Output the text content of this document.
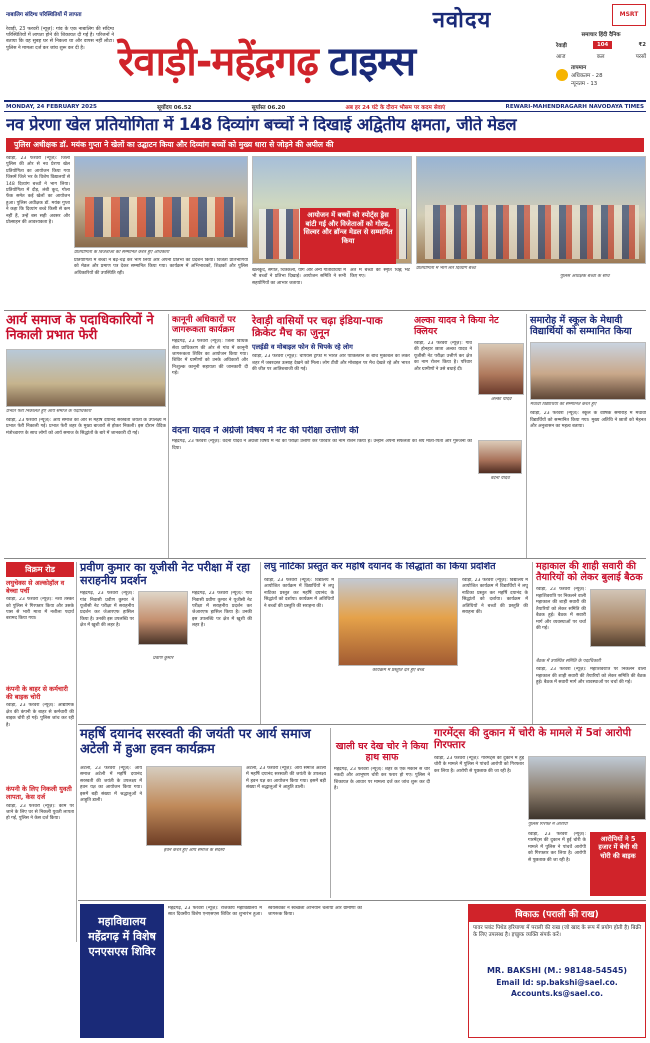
नाबालिग संदिग्ध परिस्थितियों में लापता

रेवाड़ी, 23 फरवरी (न्यूज़): गांव के एक नाबालिग की संदिग्ध परिस्थितियों में लापता होने की शिकायत दी गई है। परिजनों ने बताया कि वह सुबह घर से निकला था और वापस नहीं लौटा। पुलिस ने मामला दर्ज कर जांच शुरू कर दी है।

नवोदय
रेवाड़ी-महेंद्रगढ़ टाइम्स
समाचार हिंदी दैनिक
रेवाड़ी	104	₹2
आज	कल	परसों
तापमान
अधिकतम - 28
न्यूनतम - 13
MSRT
MONDAY, 24 FEBRUARY 2025	सूर्योदय 06.52	सूर्यास्त 06.20	अब हर 24 घंटे के दौरान भौसम पर कदम सेवाएं	REWARI-MAHENDRAGARH NAVODAYA TIMES
नव प्रेरणा खेल प्रतियोगिता में 148 दिव्यांग बच्चों ने दिखाई अद्वितीय क्षमता, जीते मेडल
पुलिस अधीक्षक डॉ. मयंक गुप्ता ने खेलों का उद्घाटन किया और दिव्यांग बच्चों को मुख्य धारा से जोड़ने की अपील की
रेवाड़ी, 23 फरवरी (न्यूज़): जिला पुलिस की ओर से नव प्रेरणा खेल प्रतियोगिता का आयोजन किया गया जिसमें जिले भर के विशेष विद्यालयों से 148 दिव्यांग बच्चों ने भाग लिया। प्रतियोगिता में दौड़, लंबी कूद, गोला फेंक समेत कई खेलों का आयोजन हुआ। पुलिस अधीक्षक डॉ. मयंक गुप्ता ने कहा कि दिव्यांग बच्चे किसी से कम नहीं हैं, उन्हें बस सही अवसर और प्रोत्साहन की आवश्यकता है।
प्रतियोगिता के विजेताओं को सम्मानित करते हुए अधिकारी
प्रतियोगिता में बच्चों ने बढ़-चढ़ कर भाग लिया और अपनी प्रतिभा का प्रदर्शन किया। विजेता प्रतिभागियों को मेडल और प्रमाण पत्र देकर सम्मानित किया गया। कार्यक्रम में अभिभावकों, शिक्षकों और पुलिस अधिकारियों की उपस्थिति रही।
आयोजन में बच्चों को स्पोर्ट्स ड्रेस बांटी गई और विजेताओं को गोल्ड, सिल्वर और ब्रॉन्ज मेडल से सम्मानित किया
खेलकूद, संगीत, चित्रकला, योग और अन्य गतिविधियों में भी बच्चों ने प्रतिभा दिखाई। आयोजन समिति ने सभी सहयोगियों का आभार जताया।
प्रतियोगिता में भाग लेते दिव्यांग बच्चे
अंत में बच्चों को स्मृति चिह्न भेंट किए गए।	पुलिस अधीक्षक बच्चों के साथ
आर्य समाज के पदाधिकारियों ने निकाली प्रभात फेरी
प्रभात फेरी निकालते हुए आर्य समाज के पदाधिकारी
रेवाड़ी, 23 फरवरी (न्यूज़): आर्य समाज की ओर से महर्षि दयानंद सरस्वती जयंती के उपलक्ष्य में प्रभात फेरी निकाली गई। प्रभात फेरी शहर के मुख्य बाजारों से होकर निकली। इस दौरान वैदिक मंत्रोच्चारण के साथ लोगों को आर्य समाज के सिद्धांतों के बारे में जानकारी दी गई।
कानूनी अधिकारों पर जागरूकता कार्यक्रम
महेंद्रगढ़, 23 फरवरी (न्यूज़): जिला विधिक सेवा प्राधिकरण की ओर से गांव में कानूनी जागरूकता शिविर का आयोजन किया गया। शिविर में ग्रामीणों को उनके अधिकारों और निःशुल्क कानूनी सहायता की जानकारी दी गई।
रेवाड़ी वासियों पर चढ़ा इंडिया-पाक क्रिकेट मैच का जुनून
एलईडी व मोबाइल फोन से चिपके रहे लोग
रेवाड़ी, 23 फरवरी (न्यूज़): चैंपियंस ट्रॉफी में भारत और पाकिस्तान के बीच मुकाबले को लेकर शहर में जबरदस्त उत्साह देखने को मिला। लोग टीवी और मोबाइल पर मैच देखते रहे और भारत की जीत पर आतिशबाजी की गई।
अल्का यादव ने किया नेट क्लियर
रेवाड़ी, 23 फरवरी (न्यूज़): गांव की होनहार छात्रा अल्का यादव ने यूजीसी नेट परीक्षा उत्तीर्ण कर क्षेत्र का नाम रोशन किया है। परिवार और ग्रामीणों ने उसे बधाई दी।
अल्का यादव
समारोह में स्कूल के मेधावी विद्यार्थियों को सम्मानित किया
मेधावी विद्यार्थियों को सम्मानित करते हुए
रेवाड़ी, 23 फरवरी (न्यूज़): स्कूल के वार्षिक समारोह में मेधावी विद्यार्थियों को सम्मानित किया गया। मुख्य अतिथि ने छात्रों को मेहनत और अनुशासन का महत्व बताया।
वंदना यादव ने अंग्रेजी विषय में नेट की परीक्षा उत्तीर्ण की
महेंद्रगढ़, 23 फरवरी (न्यूज़): वंदना यादव ने अंग्रेजी विषय में नेट की परीक्षा उत्तीर्ण कर परिवार का नाम रोशन किया है। उन्होंने अपनी सफलता का श्रेय माता-पिता और गुरुजनों को दिया।
वंदना यादव
विक्रम रोड
लघुचेक्स से अल्कोहॉल व बेच्चा पर्ची
रेवाड़ी, 23 फरवरी (न्यूज़): नशा तस्कर को पुलिस ने गिरफ्तार किया और उसके पास से भारी मात्रा में नशीला पदार्थ बरामद किया गया।
कंपनी के बाहर से कर्मचारी की बाइक चोरी
रेवाड़ी, 23 फरवरी (न्यूज़): औद्योगिक क्षेत्र की कंपनी के बाहर से कर्मचारी की बाइक चोरी हो गई। पुलिस जांच कर रही है।
कंपनी के लिए निकली युवती लापता, केस दर्ज
रेवाड़ी, 23 फरवरी (न्यूज़): काम पर जाने के लिए घर से निकली युवती लापता हो गई, पुलिस ने केस दर्ज किया।
प्रवीण कुमार का यूजीसी नेट परीक्षा में रहा सराहनीय प्रदर्शन
महेंद्रगढ़, 23 फरवरी (न्यूज़): गांव निवासी प्रवीण कुमार ने यूजीसी नेट परीक्षा में सराहनीय प्रदर्शन कर जेआरएफ हासिल किया है। उनकी इस उपलब्धि पर क्षेत्र में खुशी की लहर है।
महेंद्रगढ़, 23 फरवरी (न्यूज़): गांव निवासी प्रवीण कुमार ने यूजीसी नेट परीक्षा में सराहनीय प्रदर्शन कर जेआरएफ हासिल किया है। उनकी इस उपलब्धि पर क्षेत्र में खुशी की लहर है।
प्रवीण कुमार
लघु नाटिका प्रस्तुत कर महर्षि दयानंद के सिद्धांतों का किया प्रदर्शित
रेवाड़ी, 23 फरवरी (न्यूज़): विद्यालय में आयोजित कार्यक्रम में विद्यार्थियों ने लघु नाटिका प्रस्तुत कर महर्षि दयानंद के सिद्धांतों को दर्शाया। कार्यक्रम में अतिथियों ने बच्चों की प्रस्तुति की सराहना की।
कार्यक्रम में प्रस्तुति देते हुए बच्चे
रेवाड़ी, 23 फरवरी (न्यूज़): विद्यालय में आयोजित कार्यक्रम में विद्यार्थियों ने लघु नाटिका प्रस्तुत कर महर्षि दयानंद के सिद्धांतों को दर्शाया। कार्यक्रम में अतिथियों ने बच्चों की प्रस्तुति की सराहना की।
महाकाल की शाही सवारी की तैयारियों को लेकर बुलाई बैठक
रेवाड़ी, 23 फरवरी (न्यूज़): महाशिवरात्रि पर निकलने वाली महाकाल की शाही सवारी की तैयारियों को लेकर समिति की बैठक हुई। बैठक में सवारी मार्ग और व्यवस्थाओं पर चर्चा की गई।
बैठक में उपस्थित समिति के पदाधिकारी
रेवाड़ी, 23 फरवरी (न्यूज़): महाशिवरात्रि पर निकलने वाली महाकाल की शाही सवारी की तैयारियों को लेकर समिति की बैठक हुई। बैठक में सवारी मार्ग और व्यवस्थाओं पर चर्चा की गई।
महर्षि दयानंद सरस्वती की जयंती पर आर्य समाज अटेली में हुआ हवन कार्यक्रम
अटेली, 23 फरवरी (न्यूज़): आर्य समाज अटेली में महर्षि दयानंद सरस्वती की जयंती के उपलक्ष्य में हवन यज्ञ का आयोजन किया गया। इसमें बड़ी संख्या में श्रद्धालुओं ने आहुति डाली।
हवन करते हुए आर्य समाज के सदस्य
अटेली, 23 फरवरी (न्यूज़): आर्य समाज अटेली में महर्षि दयानंद सरस्वती की जयंती के उपलक्ष्य में हवन यज्ञ का आयोजन किया गया। इसमें बड़ी संख्या में श्रद्धालुओं ने आहुति डाली।
खाली घर देख चोर ने किया हाथ साफ
महेंद्रगढ़, 23 फरवरी (न्यूज़): शहर के एक मकान से चोर नकदी और आभूषण चोरी कर फरार हो गए। पुलिस ने शिकायत के आधार पर मामला दर्ज कर जांच शुरू कर दी है।
गारमेंट्स की दुकान में चोरी के मामले में 5वां आरोपी गिरफ्तार
रेवाड़ी, 23 फरवरी (न्यूज़): गारमेंट्स की दुकान में हुई चोरी के मामले में पुलिस ने पांचवें आरोपी को गिरफ्तार कर लिया है। आरोपी से पूछताछ की जा रही है।
पुलिस गिरफ्त में आरोपी
आरोपियों ने 5 हजार में बेची थी चोरी की बाइक
रेवाड़ी, 23 फरवरी (न्यूज़): गारमेंट्स की दुकान में हुई चोरी के मामले में पुलिस ने पांचवें आरोपी को गिरफ्तार कर लिया है। आरोपी से पूछताछ की जा रही है।
महाविद्यालय महेंद्रगढ़ में विशेष एनएसएस शिविर
महेंद्रगढ़, 23 फरवरी (न्यूज़): राजकीय महाविद्यालय में सात दिवसीय विशेष एनएसएस शिविर का शुभारंभ हुआ। स्वयंसेवकों ने स्वच्छता अभियान चलाया और ग्रामीणों को जागरूक किया।	बिकाऊ (पराली की राख)
पावर प्लांट पिथेड हरियाणा में पराली की राख (जो खाद के रूप में प्रयोग होती है) बिक्री के लिए उपलब्ध है। इच्छुक व्यक्ति संपर्क करें।
MR. BAKSHI (M.: 98148-54545)
Email Id: sp.bakshi@sael.co.
Accounts.ks@sael.co.
